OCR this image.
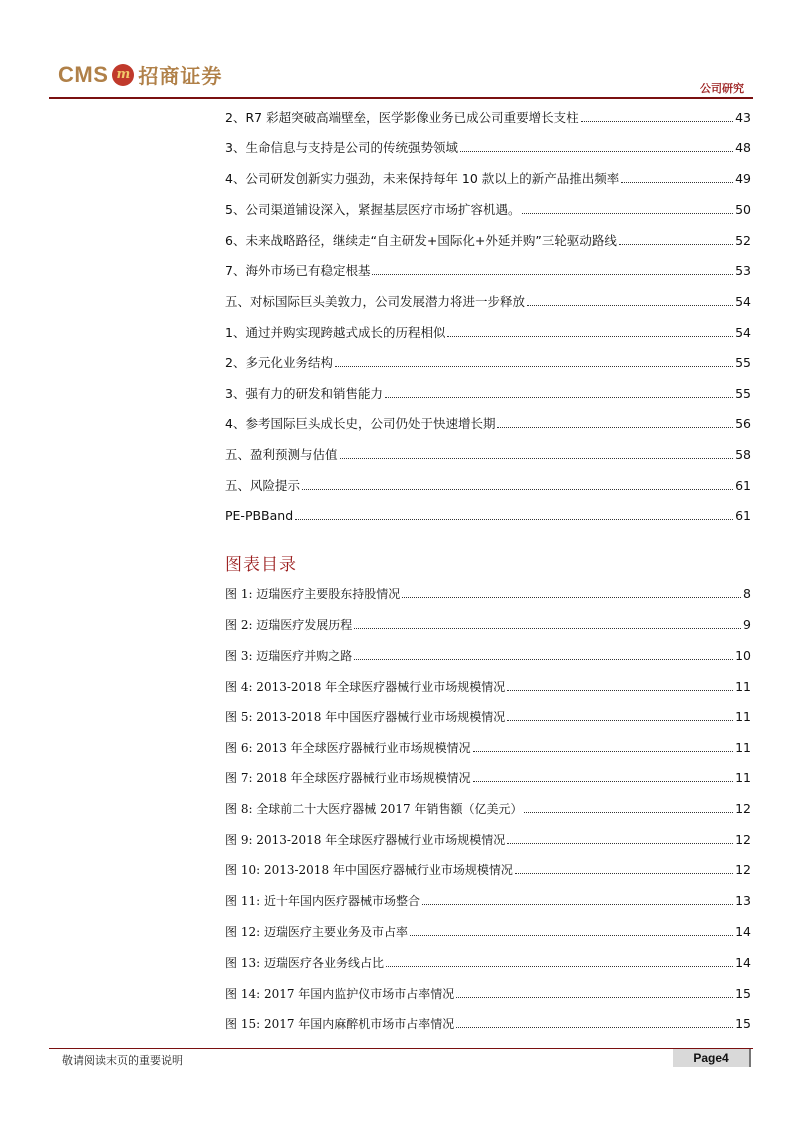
CMS m 招商证券
公司研究
2、R7 彩超突破高端壁垒，医学影像业务已成公司重要增长支柱	43
3、生命信息与支持是公司的传统强势领域	48
4、公司研发创新实力强劲，未来保持每年 10 款以上的新产品推出频率	49
5、公司渠道铺设深入，紧握基层医疗市场扩容机遇。	50
6、未来战略路径，继续走“自主研发+国际化+外延并购”三轮驱动路线	52
7、海外市场已有稳定根基	53
五、对标国际巨头美敦力，公司发展潜力将进一步释放	54
1、通过并购实现跨越式成长的历程相似	54
2、多元化业务结构	55
3、强有力的研发和销售能力	55
4、参考国际巨头成长史，公司仍处于快速增长期	56
五、盈利预测与估值	58
五、风险提示	61
PE-PBBand	61
图表目录
图 1: 迈瑞医疗主要股东持股情况	8
图 2: 迈瑞医疗发展历程	9
图 3: 迈瑞医疗并购之路	10
图 4: 2013-2018 年全球医疗器械行业市场规模情况	11
图 5: 2013-2018 年中国医疗器械行业市场规模情况	11
图 6: 2013 年全球医疗器械行业市场规模情况	11
图 7: 2018 年全球医疗器械行业市场规模情况	11
图 8: 全球前二十大医疗器械 2017 年销售额（亿美元）	12
图 9: 2013-2018 年全球医疗器械行业市场规模情况	12
图 10: 2013-2018 年中国医疗器械行业市场规模情况	12
图 11: 近十年国内医疗器械市场整合	13
图 12: 迈瑞医疗主要业务及市占率	14
图 13: 迈瑞医疗各业务线占比	14
图 14: 2017 年国内监护仪市场市占率情况	15
图 15: 2017 年国内麻醉机市场市占率情况	15
敬请阅读末页的重要说明	Page4
